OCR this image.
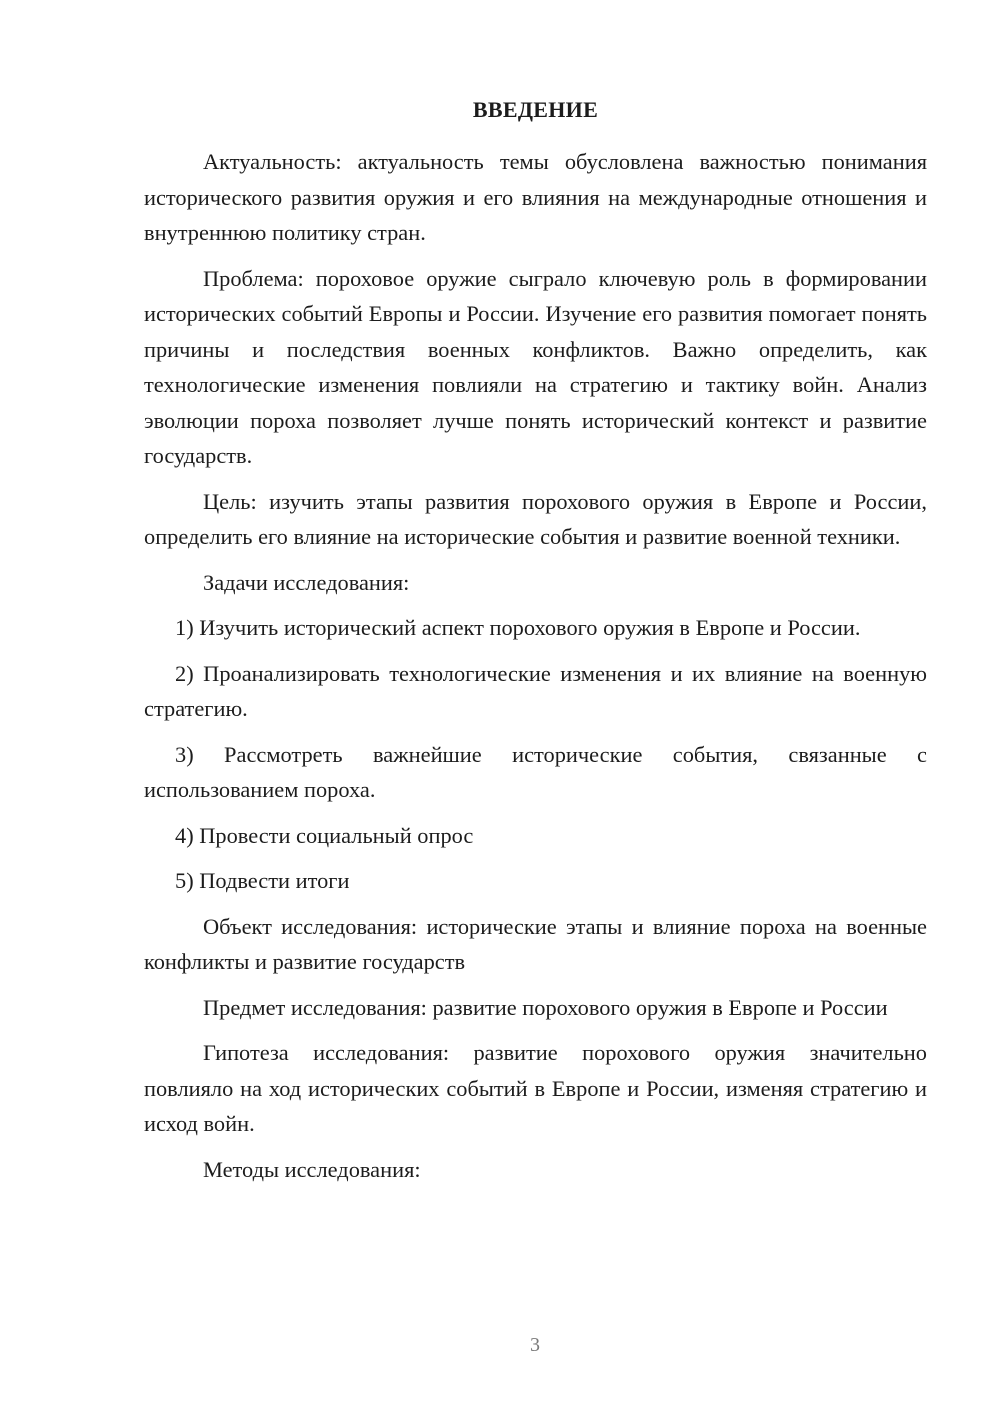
ВВЕДЕНИЕ

Актуальность: актуальность темы обусловлена важностью понимания исторического развития оружия и его влияния на международные отношения и внутреннюю политику стран.

Проблема: пороховое оружие сыграло ключевую роль в формировании исторических событий Европы и России. Изучение его развития помогает понять причины и последствия военных конфликтов. Важно определить, как технологические изменения повлияли на стратегию и тактику войн. Анализ эволюции пороха позволяет лучше понять исторический контекст и развитие государств.

Цель: изучить этапы развития порохового оружия в Европе и России, определить его влияние на исторические события и развитие военной техники.

Задачи исследования:

1) Изучить исторический аспект порохового оружия в Европе и России.

2) Проанализировать технологические изменения и их влияние на военную стратегию.

3) Рассмотреть важнейшие исторические события, связанные с использованием пороха.

4) Провести социальный опрос

5) Подвести итоги

Объект исследования: исторические этапы и влияние пороха на военные конфликты и развитие государств

Предмет исследования: развитие порохового оружия в Европе и России

Гипотеза исследования: развитие порохового оружия значительно повлияло на ход исторических событий в Европе и России, изменяя стратегию и исход войн.

Методы исследования:

3
